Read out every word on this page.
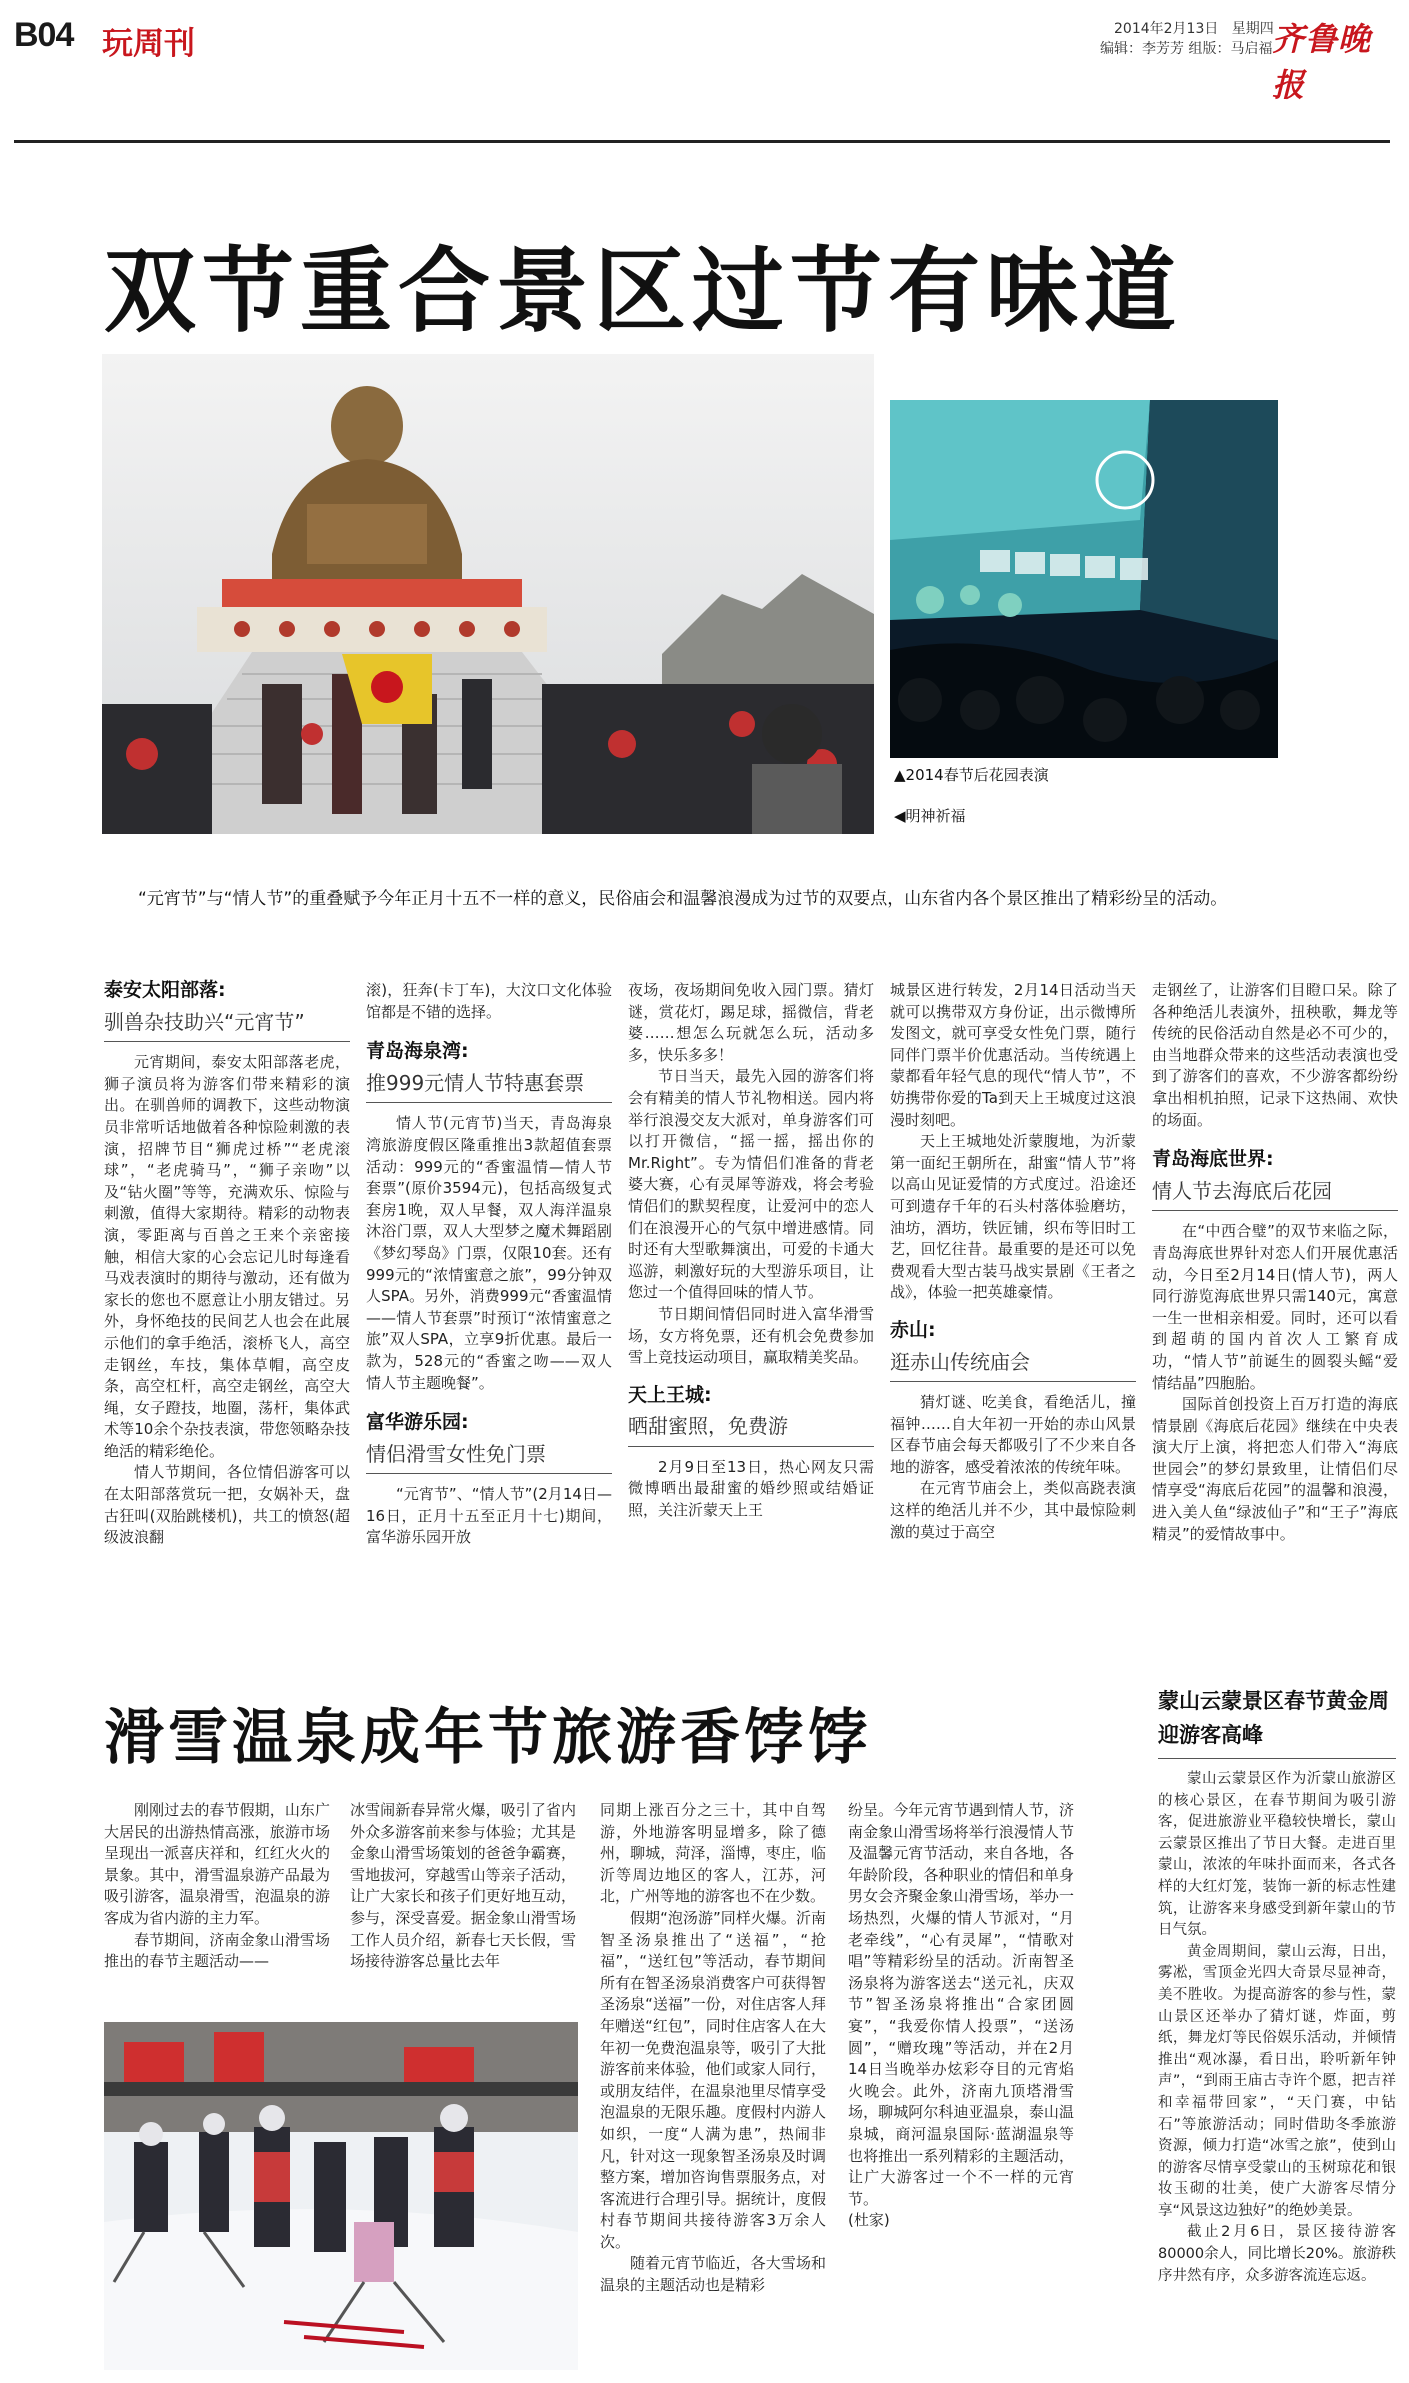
B04 玩周刊	2014年2月13日 星期四
编辑：李芳芳 组版：马启福 齐鲁晚报
双节重合景区过节有味道
▲2014春节后花园表演
◀明神祈福
“元宵节”与“情人节”的重叠赋予今年正月十五不一样的意义，民俗庙会和温馨浪漫成为过节的双要点，山东省内各个景区推出了精彩纷呈的活动。
泰安太阳部落:
驯兽杂技助兴“元宵节”

元宵期间，泰安太阳部落老虎，狮子演员将为游客们带来精彩的演出。在驯兽师的调教下，这些动物演员非常听话地做着各种惊险刺激的表演，招牌节目“狮虎过桥”“老虎滚球”，“老虎骑马”，“狮子亲吻”以及“钻火圈”等等，充满欢乐、惊险与刺激，值得大家期待。精彩的动物表演，零距离与百兽之王来个亲密接触，相信大家的心会忘记儿时每逢看马戏表演时的期待与激动，还有做为家长的您也不愿意让小朋友错过。另外，身怀绝技的民间艺人也会在此展示他们的拿手绝活，滚桥飞人，高空走钢丝，车技，集体草帽，高空皮条，高空杠杆，高空走钢丝，高空大绳，女子蹬技，地圈，荡杆，集体武术等10余个杂技表演，带您领略杂技绝活的精彩绝伦。

情人节期间，各位情侣游客可以在太阳部落赏玩一把，女娲补天，盘古狂叫(双胎跳楼机)，共工的愤怒(超级波浪翻

滚)，狂奔(卡丁车)，大汶口文化体验馆都是不错的选择。

青岛海泉湾:
推999元情人节特惠套票

情人节(元宵节)当天，青岛海泉湾旅游度假区隆重推出3款超值套票活动：999元的“香蜜温情—情人节套票”(原价3594元)，包括高级复式套房1晚，双人早餐，双人海洋温泉沐浴门票，双人大型梦之魔术舞蹈剧《梦幻琴岛》门票，仅限10套。还有999元的“浓情蜜意之旅”，99分钟双人SPA。另外，消费999元“香蜜温情——情人节套票”时预订“浓情蜜意之旅”双人SPA，立享9折优惠。最后一款为，528元的“香蜜之吻——双人情人节主题晚餐”。

富华游乐园:
情侣滑雪女性免门票

“元宵节”、“情人节”(2月14日—16日，正月十五至正月十七)期间，富华游乐园开放

夜场，夜场期间免收入园门票。猜灯谜，赏花灯，踢足球，摇微信，背老婆……想怎么玩就怎么玩，活动多多，快乐多多！

节日当天，最先入园的游客们将会有精美的情人节礼物相送。园内将举行浪漫交友大派对，单身游客们可以打开微信，“摇一摇，摇出你的Mr.Right”。专为情侣们准备的背老婆大赛，心有灵犀等游戏，将会考验情侣们的默契程度，让爱河中的恋人们在浪漫开心的气氛中增进感情。同时还有大型歌舞演出，可爱的卡通大巡游，刺激好玩的大型游乐项目，让您过一个值得回味的情人节。

节日期间情侣同时进入富华滑雪场，女方将免票，还有机会免费参加雪上竞技运动项目，赢取精美奖品。

天上王城:
晒甜蜜照，免费游

2月9日至13日，热心网友只需微博晒出最甜蜜的婚纱照或结婚证照，关注沂蒙天上王

城景区进行转发，2月14日活动当天就可以携带双方身份证，出示微博所发图文，就可享受女性免门票，随行同伴门票半价优惠活动。当传统遇上蒙都看年轻气息的现代“情人节”，不妨携带你爱的Ta到天上王城度过这浪漫时刻吧。

天上王城地处沂蒙腹地，为沂蒙第一面纪王朝所在，甜蜜“情人节”将以高山见证爱情的方式度过。沿途还可到遗存千年的石头村落体验磨坊，油坊，酒坊，铁匠铺，织布等旧时工艺，回忆往昔。最重要的是还可以免费观看大型古装马战实景剧《王者之战》，体验一把英雄豪情。

赤山:
逛赤山传统庙会

猜灯谜、吃美食，看绝活儿，撞福钟……自大年初一开始的赤山风景区春节庙会每天都吸引了不少来自各地的游客，感受着浓浓的传统年味。

在元宵节庙会上，类似高跷表演这样的绝活儿并不少，其中最惊险刺激的莫过于高空

走钢丝了，让游客们目瞪口呆。除了各种绝活儿表演外，扭秧歌，舞龙等传统的民俗活动自然是必不可少的，由当地群众带来的这些活动表演也受到了游客们的喜欢，不少游客都纷纷拿出相机拍照，记录下这热闹、欢快的场面。

青岛海底世界:
情人节去海底后花园

在“中西合璧”的双节来临之际，青岛海底世界针对恋人们开展优惠活动，今日至2月14日(情人节)，两人同行游览海底世界只需140元，寓意一生一世相亲相爱。同时，还可以看到超萌的国内首次人工繁育成功，“情人节”前诞生的圆裂头鳐“爱情结晶”四胞胎。

国际首创投资上百万打造的海底情景剧《海底后花园》继续在中央表演大厅上演，将把恋人们带入“海底世园会”的梦幻景致里，让情侣们尽情享受“海底后花园”的温馨和浪漫，进入美人鱼“绿波仙子”和“王子”海底精灵”的爱情故事中。

滑雪温泉成年节旅游香饽饽

刚刚过去的春节假期，山东广大居民的出游热情高涨，旅游市场呈现出一派喜庆祥和，红红火火的景象。其中，滑雪温泉游产品最为吸引游客，温泉滑雪，泡温泉的游客成为省内游的主力军。

春节期间，济南金象山滑雪场推出的春节主题活动——

冰雪闹新春异常火爆，吸引了省内外众多游客前来参与体验；尤其是金象山滑雪场策划的爸爸争霸赛，雪地拔河，穿越雪山等亲子活动，让广大家长和孩子们更好地互动，参与，深受喜爱。据金象山滑雪场工作人员介绍，新春七天长假，雪场接待游客总量比去年

同期上涨百分之三十，其中自驾游，外地游客明显增多，除了德州，聊城，菏泽，淄博，枣庄，临沂等周边地区的客人，江苏，河北，广州等地的游客也不在少数。

假期“泡汤游”同样火爆。沂南智圣汤泉推出了“送福”，“抢福”，“送红包”等活动，春节期间所有在智圣汤泉消费客户可获得智圣汤泉“送福”一份，对住店客人拜年赠送“红包”，同时住店客人在大年初一免费泡温泉等，吸引了大批游客前来体验，他们或家人同行，或朋友结伴，在温泉池里尽情享受泡温泉的无限乐趣。度假村内游人如织，一度“人满为患”，热闹非凡，针对这一现象智圣汤泉及时调整方案，增加咨询售票服务点，对客流进行合理引导。据统计，度假村春节期间共接待游客3万余人次。

随着元宵节临近，各大雪场和温泉的主题活动也是精彩

纷呈。今年元宵节遇到情人节，济南金象山滑雪场将举行浪漫情人节及温馨元宵节活动，来自各地，各年龄阶段，各种职业的情侣和单身男女会齐聚金象山滑雪场，举办一场热烈，火爆的情人节派对，“月老牵线”，“心有灵犀”，“情歌对唱”等精彩纷呈的活动。沂南智圣汤泉将为游客送去“送元礼，庆双节”智圣汤泉将推出“合家团圆宴”，“我爱你情人投票”，“送汤圆”，“赠玫瑰”等活动，并在2月14日当晚举办炫彩夺目的元宵焰火晚会。此外，济南九顶塔滑雪场，聊城阿尔科迪亚温泉，泰山温泉城，商河温泉国际·蓝湖温泉等也将推出一系列精彩的主题活动，让广大游客过一个不一样的元宵节。

(杜家)

蒙山云蒙景区春节黄金周迎游客高峰

蒙山云蒙景区作为沂蒙山旅游区的核心景区，在春节期间为吸引游客，促进旅游业平稳较快增长，蒙山云蒙景区推出了节日大餐。走进百里蒙山，浓浓的年味扑面而来，各式各样的大红灯笼，装饰一新的标志性建筑，让游客来身感受到新年蒙山的节日气氛。

黄金周期间，蒙山云海，日出，雾凇，雪顶金光四大奇景尽显神奇，美不胜收。为提高游客的参与性，蒙山景区还举办了猜灯谜，炸面，剪纸，舞龙灯等民俗娱乐活动，并倾情推出“观冰瀑，看日出，聆听新年钟声”，“到雨王庙古寺许个愿，把吉祥和幸福带回家”，“天门赛，中钻石”等旅游活动；同时借助冬季旅游资源，倾力打造“冰雪之旅”，使到山的游客尽情享受蒙山的玉树琼花和银妆玉砌的壮美，使广大游客尽情分享“风景这边独好”的绝妙美景。

截止2月6日，景区接待游客80000余人，同比增长20%。旅游秩序井然有序，众多游客流连忘返。
